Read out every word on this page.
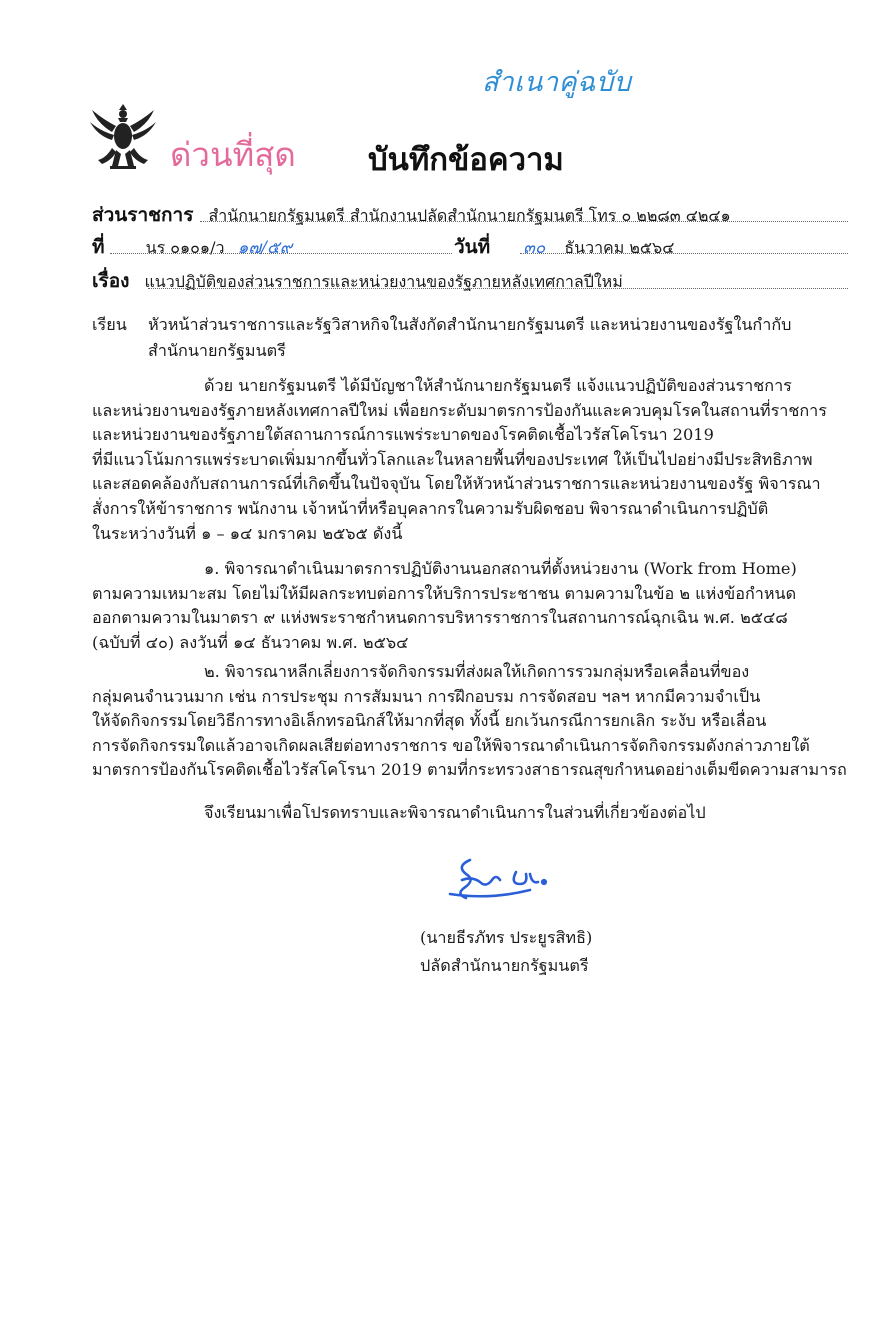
สำเนาคู่ฉบับ
ด่วนที่สุด บันทึกข้อความ
ส่วนราชการ สำนักนายกรัฐมนตรี สำนักงานปลัดสำนักนายกรัฐมนตรี โทร ๐ ๒๒๘๓ ๔๒๔๑
ที่	นร ๐๑๐๑/ว ๑๗/๕๙	วันที่ ๓๐ ธันวาคม ๒๕๖๔
เรื่อง แนวปฏิบัติของส่วนราชการและหน่วยงานของรัฐภายหลังเทศกาลปีใหม่
เรียน หัวหน้าส่วนราชการและรัฐวิสาหกิจในสังกัดสำนักนายกรัฐมนตรี และหน่วยงานของรัฐในกำกับ
สำนักนายกรัฐมนตรี
ด้วย นายกรัฐมนตรี ได้มีบัญชาให้สำนักนายกรัฐมนตรี แจ้งแนวปฏิบัติของส่วนราชการ
และหน่วยงานของรัฐภายหลังเทศกาลปีใหม่ เพื่อยกระดับมาตรการป้องกันและควบคุมโรคในสถานที่ราชการ
และหน่วยงานของรัฐภายใต้สถานการณ์การแพร่ระบาดของโรคติดเชื้อไวรัสโคโรนา 2019
ที่มีแนวโน้มการแพร่ระบาดเพิ่มมากขึ้นทั่วโลกและในหลายพื้นที่ของประเทศ ให้เป็นไปอย่างมีประสิทธิภาพ
และสอดคล้องกับสถานการณ์ที่เกิดขึ้นในปัจจุบัน โดยให้หัวหน้าส่วนราชการและหน่วยงานของรัฐ พิจารณา
สั่งการให้ข้าราชการ พนักงาน เจ้าหน้าที่หรือบุคลากรในความรับผิดชอบ พิจารณาดำเนินการปฏิบัติ
ในระหว่างวันที่ ๑ – ๑๔ มกราคม ๒๕๖๕ ดังนี้
๑. พิจารณาดำเนินมาตรการปฏิบัติงานนอกสถานที่ตั้งหน่วยงาน (Work from Home)
ตามความเหมาะสม โดยไม่ให้มีผลกระทบต่อการให้บริการประชาชน ตามความในข้อ ๒ แห่งข้อกำหนด
ออกตามความในมาตรา ๙ แห่งพระราชกำหนดการบริหารราชการในสถานการณ์ฉุกเฉิน พ.ศ. ๒๕๔๘
(ฉบับที่ ๔๐) ลงวันที่ ๑๔ ธันวาคม พ.ศ. ๒๕๖๔
๒. พิจารณาหลีกเลี่ยงการจัดกิจกรรมที่ส่งผลให้เกิดการรวมกลุ่มหรือเคลื่อนที่ของ
กลุ่มคนจำนวนมาก เช่น การประชุม การสัมมนา การฝึกอบรม การจัดสอบ ฯลฯ หากมีความจำเป็น
ให้จัดกิจกรรมโดยวิธีการทางอิเล็กทรอนิกส์ให้มากที่สุด ทั้งนี้ ยกเว้นกรณีการยกเลิก ระงับ หรือเลื่อน
การจัดกิจกรรมใดแล้วอาจเกิดผลเสียต่อทางราชการ ขอให้พิจารณาดำเนินการจัดกิจกรรมดังกล่าวภายใต้
มาตรการป้องกันโรคติดเชื้อไวรัสโคโรนา 2019 ตามที่กระทรวงสาธารณสุขกำหนดอย่างเต็มขีดความสามารถ
จึงเรียนมาเพื่อโปรดทราบและพิจารณาดำเนินการในส่วนที่เกี่ยวข้องต่อไป
(นายธีรภัทร ประยูรสิทธิ)
ปลัดสำนักนายกรัฐมนตรี
